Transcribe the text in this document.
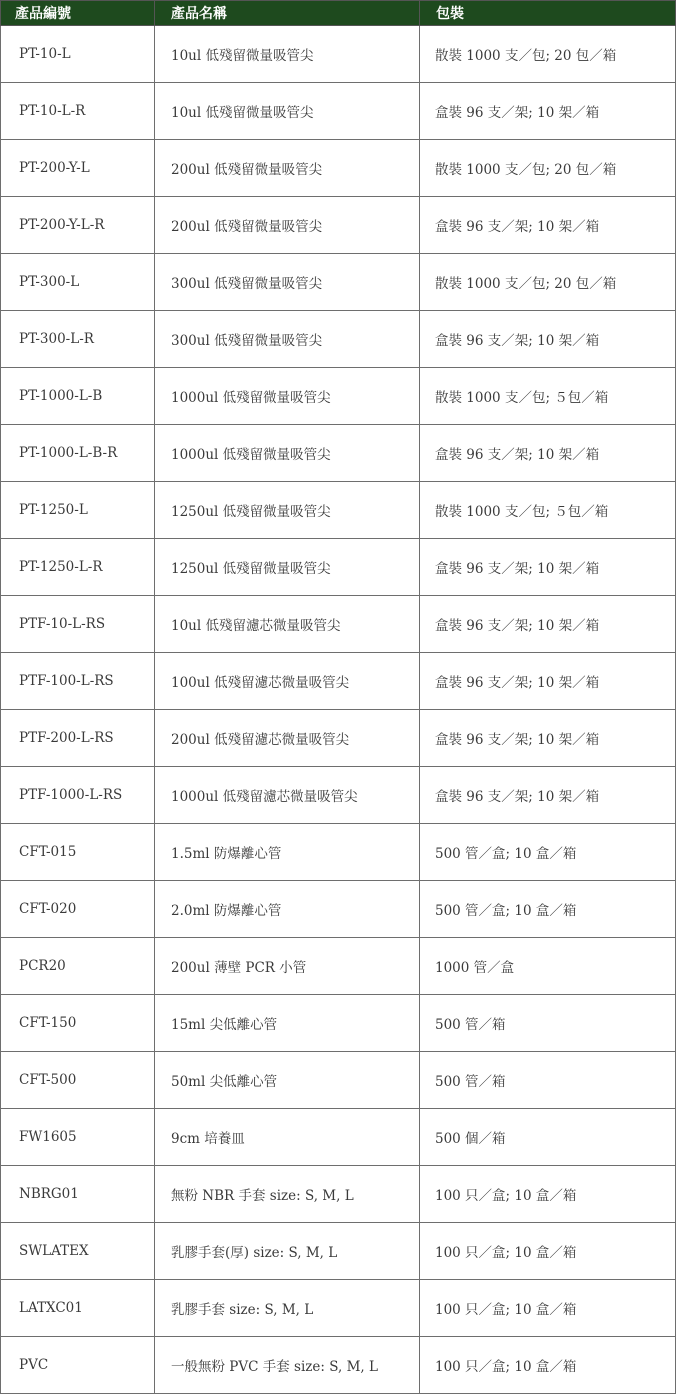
產品編號	產品名稱	包裝
PT-10-L	10ul 低殘留微量吸管尖	散裝 1000 支／包; 20 包／箱
PT-10-L-R	10ul 低殘留微量吸管尖	盒裝 96 支／架; 10 架／箱
PT-200-Y-L	200ul 低殘留微量吸管尖	散裝 1000 支／包; 20 包／箱
PT-200-Y-L-R	200ul 低殘留微量吸管尖	盒裝 96 支／架; 10 架／箱
PT-300-L	300ul 低殘留微量吸管尖	散裝 1000 支／包; 20 包／箱
PT-300-L-R	300ul 低殘留微量吸管尖	盒裝 96 支／架; 10 架／箱
PT-1000-L-B	1000ul 低殘留微量吸管尖	散裝 1000 支／包; ５包／箱
PT-1000-L-B-R	1000ul 低殘留微量吸管尖	盒裝 96 支／架; 10 架／箱
PT-1250-L	1250ul 低殘留微量吸管尖	散裝 1000 支／包; ５包／箱
PT-1250-L-R	1250ul 低殘留微量吸管尖	盒裝 96 支／架; 10 架／箱
PTF-10-L-RS	10ul 低殘留濾芯微量吸管尖	盒裝 96 支／架; 10 架／箱
PTF-100-L-RS	100ul 低殘留濾芯微量吸管尖	盒裝 96 支／架; 10 架／箱
PTF-200-L-RS	200ul 低殘留濾芯微量吸管尖	盒裝 96 支／架; 10 架／箱
PTF-1000-L-RS	1000ul 低殘留濾芯微量吸管尖	盒裝 96 支／架; 10 架／箱
CFT-015	1.5ml 防爆離心管	500 管／盒; 10 盒／箱
CFT-020	2.0ml 防爆離心管	500 管／盒; 10 盒／箱
PCR20	200ul 薄壁 PCR 小管	1000 管／盒
CFT-150	15ml 尖低離心管	500 管／箱
CFT-500	50ml 尖低離心管	500 管／箱
FW1605	9cm 培養皿	500 個／箱
NBRG01	無粉 NBR 手套 size: S, M, L	100 只／盒; 10 盒／箱
SWLATEX	乳膠手套(厚) size: S, M, L	100 只／盒; 10 盒／箱
LATXC01	乳膠手套 size: S, M, L	100 只／盒; 10 盒／箱
PVC	一般無粉 PVC 手套 size: S, M, L	100 只／盒; 10 盒／箱
